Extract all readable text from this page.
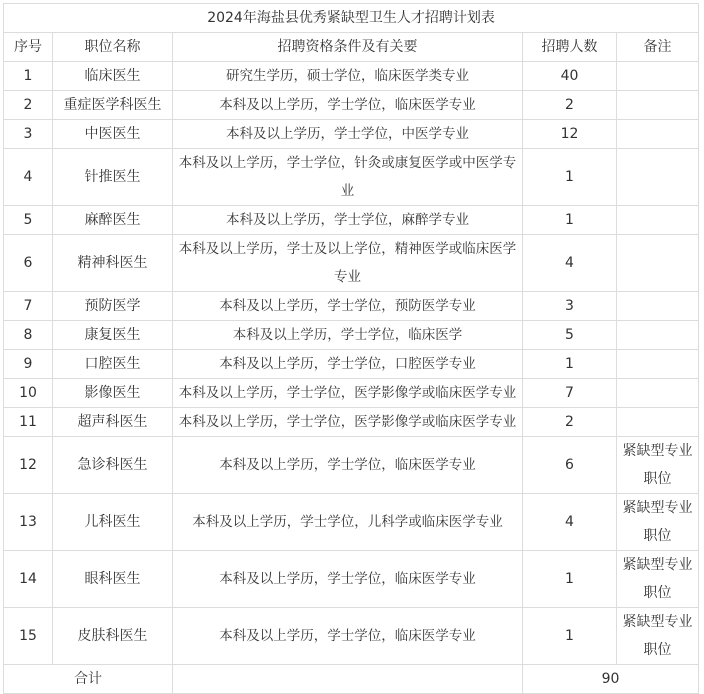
2024年海盐县优秀紧缺型卫生人才招聘计划表				
序号	职位名称	招聘资格条件及有关要	招聘人数	备注
1	临床医生	研究生学历，硕士学位，临床医学类专业	40	
2	重症医学科医生	本科及以上学历，学士学位，临床医学专业	2	
3	中医医生	本科及以上学历，学士学位，中医学专业	12	
4	针推医生	本科及以上学历，学士学位，针灸或康复医学或中医学专业	1	
5	麻醉医生	本科及以上学历，学士学位，麻醉学专业	1	
6	精神科医生	本科及以上学历，学士及以上学位，精神医学或临床医学专业	4	
7	预防医学	本科及以上学历，学士学位，预防医学专业	3	
8	康复医生	本科及以上学历，学士学位，临床医学	5	
9	口腔医生	本科及以上学历，学士学位，口腔医学专业	1	
10	影像医生	本科及以上学历，学士学位，医学影像学或临床医学专业	7	
11	超声科医生	本科及以上学历，学士学位，医学影像学或临床医学专业	2	
12	急诊科医生	本科及以上学历，学士学位，临床医学专业	6	紧缺型专业职位
13	儿科医生	本科及以上学历，学士学位，儿科学或临床医学专业	4	紧缺型专业职位
14	眼科医生	本科及以上学历，学士学位，临床医学专业	1	紧缺型专业职位
15	皮肤科医生	本科及以上学历，学士学位，临床医学专业	1	紧缺型专业职位
合计			90	
